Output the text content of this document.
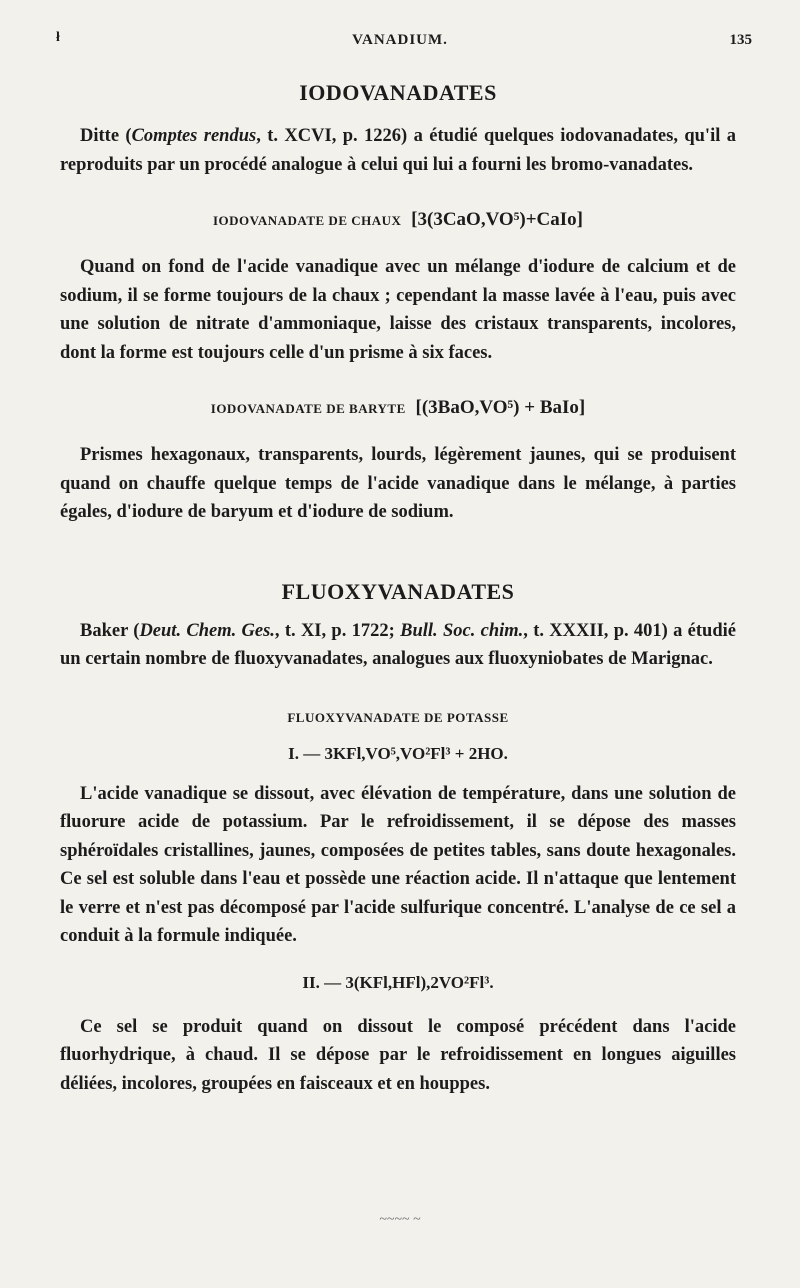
ł	VANADIUM.	135
IODOVANADATES

Ditte (Comptes rendus, t. XCVI, p. 1226) a étudié quelques iodovanadates, qu'il a reproduits par un procédé analogue à celui qui lui a fourni les bromo-vanadates.

IODOVANADATE DE CHAUX [3(3CaO,VO⁵)+CaIo]

Quand on fond de l'acide vanadique avec un mélange d'iodure de calcium et de sodium, il se forme toujours de la chaux ; cependant la masse lavée à l'eau, puis avec une solution de nitrate d'ammoniaque, laisse des cristaux transparents, incolores, dont la forme est toujours celle d'un prisme à six faces.

IODOVANADATE DE BARYTE [(3BaO,VO⁵) + BaIo]

Prismes hexagonaux, transparents, lourds, légèrement jaunes, qui se produisent quand on chauffe quelque temps de l'acide vanadique dans le mélange, à parties égales, d'iodure de baryum et d'iodure de sodium.

FLUOXYVANADATES

Baker (Deut. Chem. Ges., t. XI, p. 1722; Bull. Soc. chim., t. XXXII, p. 401) a étudié un certain nombre de fluoxyvanadates, analogues aux fluoxyniobates de Marignac.

FLUOXYVANADATE DE POTASSE
I. — 3KFl,VO⁵,VO²Fl³ + 2HO.

L'acide vanadique se dissout, avec élévation de température, dans une solution de fluorure acide de potassium. Par le refroidissement, il se dépose des masses sphéroïdales cristallines, jaunes, composées de petites tables, sans doute hexagonales. Ce sel est soluble dans l'eau et possède une réaction acide. Il n'attaque que lentement le verre et n'est pas décomposé par l'acide sulfurique concentré. L'analyse de ce sel a conduit à la formule indiquée.

II. — 3(KFl,HFl),2VO²Fl³.

Ce sel se produit quand on dissout le composé précédent dans l'acide fluorhydrique, à chaud. Il se dépose par le refroidissement en longues aiguilles déliées, incolores, groupées en faisceaux et en houppes.

~~~~ ~
